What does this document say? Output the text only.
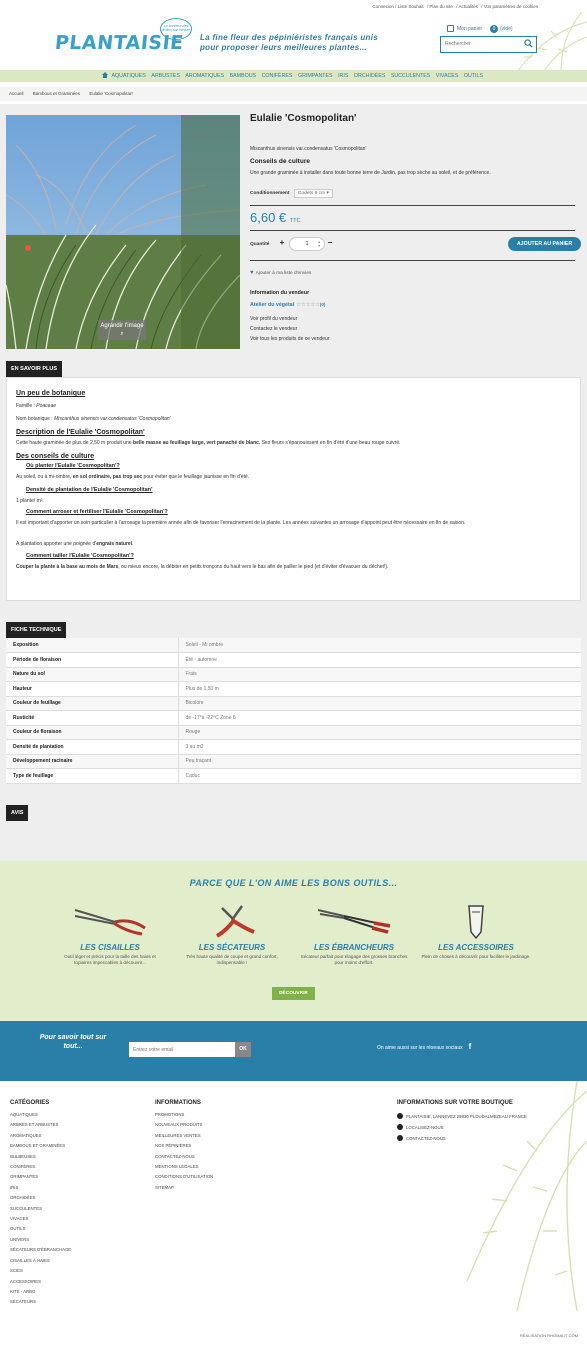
Connexion / Liste Souhait / Plan du site / Actualités / Vos paramètres de cookies
PLANTAISIE
Le bonheur des jardins sur mesure
La fine fleur des pépiniéristes français unis pour proposer leurs meilleures plantes...
Mon panier 0 (vide)
Rechercher
AQUATIQUES ARBUSTES AROMATIQUES BAMBOUS CONIFÈRES GRIMPANTES IRIS ORCHIDÉES SUCCULENTES VIVACES OUTILS
Accueil Bambous et Graminées Eulalie 'Cosmopolitan'
Agrandir l'image ⌕
Eulalie 'Cosmopolitan'
Miscanthus sinensis var.condensatus 'Cosmopolitan'
Conseils de culture
Une grande graminée à installer dans toute bonne terre de Jardin, pas trop sèche au soleil, et de préférence.
Conditionnement Godets 9 cm ▾
6,60 € TTC
Quantité	+	1	▴
▾ −	AJOUTER AU PANIER
♥ Ajouter à ma liste d'envies
Information du vendeur
Atelier du végétal ☆☆☆☆☆(0)
Voir profil du vendeur
Contactez le vendeur
Voir tous les produits de ce vendeur
EN SAVOIR PLUS
Un peu de botanique
Famille : Poaceae
Nom botanique : Miscanthus sinensis var.condensatus 'Cosmopolitan'
Description de l'Eulalie 'Cosmopolitan'
Cette haute graminée de plus de 2,50 m produit une belle masse au feuillage large, vert panaché de blanc. Ses fleurs s'épanouissent en fin d'été d'une beau rouge cuivré.
Des conseils de culture
Où planter l'Eulalie 'Cosmopolitan'?
Au soleil, ou à mi-ombre, en sol ordinaire, pas trop sec pour éviter que le feuillage jaunisse en fin d'été.
Densité de plantation de l'Eulalie 'Cosmopolitan'
1 plante/ m².
Comment arroser et fertiliser l'Eulalie 'Cosmopolitan'?
Il est important d'apporter un soin particulier à l'arrosage la première année afin de favoriser l'enracinement de la plante. Les années suivantes un arrosage d'appoint peut être nécessaire en fin de saison.
A plantation apporter une poignée d'engrais naturel.
Comment tailler l'Eulalie 'Cosmopolitan'?
Couper la plante à la base au mois de Mars, ou mieux encore, la débiter en petits tronçons du haut vers le bas afin de pailler le pied (et d'éviter d'évacuer du déchet!).
FICHE TECHNIQUE
Exposition	Soleil - Mi ombre
Période de floraison	Été - automne
Nature du sol	Frais
Hauteur	Plus de 1,50 m
Couleur de feuillage	Bicolore
Rusticité	de -17°à -22°C Zone 6
Couleur de floraison	Rouge
Densité de plantation	3 au m2
Développement racinaire	Peu traçant
Type de feuillage	Caduc
AVIS
PARCE QUE L'ON AIME LES BONS OUTILS...
LES CISAILLES
Outil léger et précis pour la taille des haies et topiaires impeccables à découvrir...
LES SÉCATEURS
Très haute qualité de coupe et grand confort, indispensable !
LES ÉBRANCHEURS
Sécateur parfait pour élagage des grosses branches pour moins d'effort.
LES ACCESSOIRES
Plein de choses à découvrir pour faciliter le jardinage.
DÉCOUVRIR
Pour savoir tout sur tout...
Entrez votre email	OK	On aime aussi sur les réseaux sociaux f
CATÉGORIES
AQUATIQUES
ARBRES ET ARBUSTES
AROMATIQUES
BAMBOUS ET GRAMINÉES
BULBEUSES
CONIFÈRES
GRIMPANTES
IRIS
ORCHIDÉES
SUCCULENTES
VIVACES
OUTILS
UNIVERS
SÉCATEURS D'ÉBRANCHAGE
CISAILLES À HAIES
SCIES
ACCESSOIRES
KITS - ARBO
SÉCATEURS
INFORMATIONS
PROMOTIONS
NOUVEAUX PRODUITS
MEILLEURES VENTES
NOS PÉPINIÈRES
CONTACTEZ-NOUS
MENTIONS LÉGALES
CONDITIONS D'UTILISATION
SITEMAP
INFORMATIONS SUR VOTRE BOUTIQUE
PLANTAISIE, LANNEVEZ 29830 PLOUDALMEZEAU FRANCE
LOCALISEZ-NOUS
CONTACTEZ-NOUS
RÉALISATION RHOMALIT.COM
